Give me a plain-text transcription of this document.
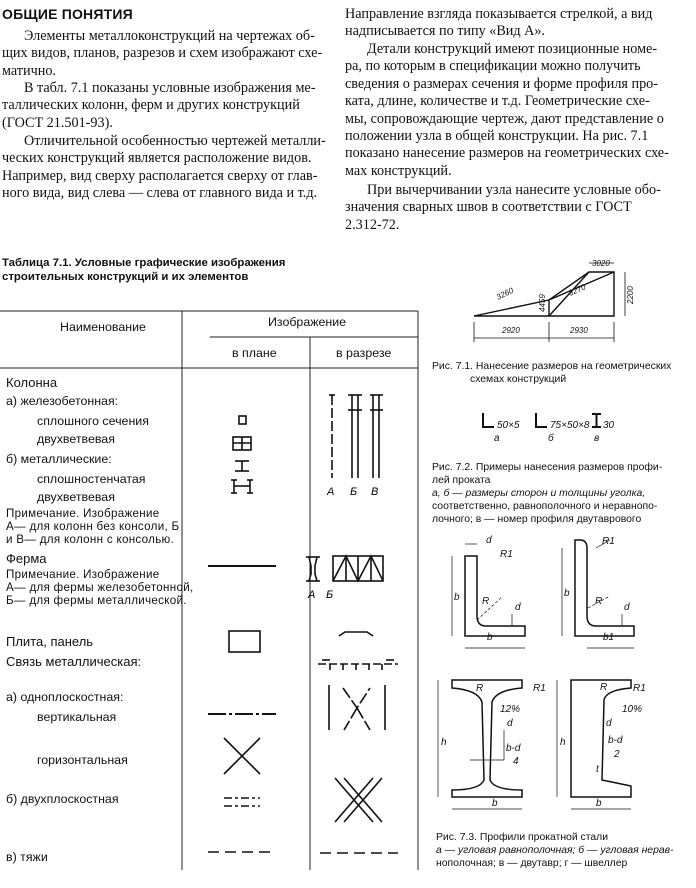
ОБЩИЕ ПОНЯТИЯ
Элементы металлоконструкций на чертежах об-
щих видов, планов, разрезов и схем изображают схе-
матично.
В табл. 7.1 показаны условные изображения ме-
таллических колонн, ферм и других конструкций
(ГОСТ 21.501-93).
Отличительной особенностью чертежей металли-
ческих конструкций является расположение видов.
Например, вид сверху располагается сверху от глав-
ного вида, вид слева — слева от главного вида и т.д.
Направление взгляда показывается стрелкой, а вид
надписывается по типу «Вид А».
Детали конструкций имеют позиционные номе-
ра, по которым в спецификации можно получить
сведения о размерах сечения и форме профиля про-
ката, длине, количестве и т.д. Геометрические схе-
мы, сопровождающие чертеж, дают представление о
положении узла в общей конструкции. На рис. 7.1
показано нанесение размеров на геометрических схе-
мах конструкций.
При вычерчивании узла нанесите условные обо-
значения сварных швов в соответствии с ГОСТ
2.312-72.
Таблица 7.1. Условные графические изображения
строительных конструкций и их элементов
Наименование	Изображение
в плане	в разрезе
Колонна
а) железобетонная:
сплошного сечения
двухветвевая
б) металлические:
сплошностенчатая
двухветвевая
Примечание. Изображение
А— для колонн без консоли, Б
и В— для колонн с консолью.
Ферма
Примечание. Изображение
А— для фермы железобетонной,
Б— для фермы металлической.
Плита, панель
Связь металлическая:
а) одноплоскостная:
вертикальная
горизонтальная
б) двухплоскостная
в) тяжи
А Б В
А Б
3020
3260
4459
3270	2200
2920	2930
Рис. 7.1. Нанесение размеров на геометрических
схемах конструкций
50×5	75×50×8 30
а	б	в
Рис. 7.2. Примеры нанесения размеров профи-
лей проката
а, б — размеры сторон и толщины уголка,
соответственно, равнополочного и неравнопо-
лочного; в — номер профиля двутаврового
d
R1
b
b
R
d
R1
b
b1
R
d
R	R1
12%
h
d
b-d
4
b
R1
R
10%
h
d
b-d
2
t
b
Рис. 7.3. Профили прокатной стали
а — угловая равнополочная; б — угловая нерав-
нополочная; в — двутавр; г — швеллер
